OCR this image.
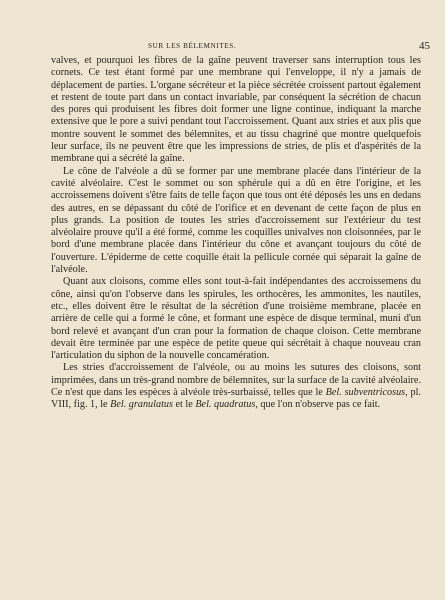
SUR LES BÉLEMNITES.	45

valves, et pourquoi les fibres de la gaîne peuvent traverser sans interruption tous les cornets. Ce test étant formé par une membrane qui l'enveloppe, il n'y a jamais de déplacement de parties. L'organe sécréteur et la pièce sécrétée croissent partout également et restent de toute part dans un contact invariable, par conséquent la sécrétion de chacun des pores qui produisent les fibres doit former une ligne continue, indiquant la marche extensive que le pore a suivi pendant tout l'accroissement. Quant aux stries et aux plis que montre souvent le sommet des bélemnites, et au tissu chagriné que montre quelquefois leur surface, ils ne peuvent être que les impressions de stries, de plis et d'aspérités de la membrane qui a sécrété la gaîne.

Le cône de l'alvéole a dû se former par une membrane placée dans l'intérieur de la cavité alvéolaire. C'est le sommet ou son sphérule qui a dû en être l'origine, et les accroissemens doivent s'être faits de telle façon que tous ont été déposés les uns en dedans des autres, en se dépassant du côté de l'orifice et en devenant de cette façon de plus en plus grands. La position de toutes les stries d'accroissement sur l'extérieur du test alvéolaire prouve qu'il a été formé, comme les coquilles univalves non cloisonnées, par le bord d'une membrane placée dans l'intérieur du cône et avançant toujours du côté de l'ouverture. L'épiderme de cette coquille était la pellicule cornée qui séparait la gaîne de l'alvéole.

Quant aux cloisons, comme elles sont tout-à-fait indépendantes des accroissemens du cône, ainsi qu'on l'observe dans les spirules, les orthocères, les ammonites, les nautiles, etc., elles doivent être le résultat de la sécrétion d'une troisième membrane, placée en arrière de celle qui a formé le cône, et formant une espèce de disque terminal, muni d'un bord relevé et avançant d'un cran pour la formation de chaque cloison. Cette membrane devait être terminée par une espèce de petite queue qui sécrétait à chaque nouveau cran l'articulation du siphon de la nouvelle concamération.

Les stries d'accroissement de l'alvéole, ou au moins les sutures des cloisons, sont imprimées, dans un très-grand nombre de bélemnites, sur la surface de la cavité alvéolaire. Ce n'est que dans les espèces à alvéole très-surbaissé, telles que le Bel. subventricosus, pl. VIII, fig. 1, le Bel. granulatus et le Bel. quadratus, que l'on n'observe pas ce fait.
